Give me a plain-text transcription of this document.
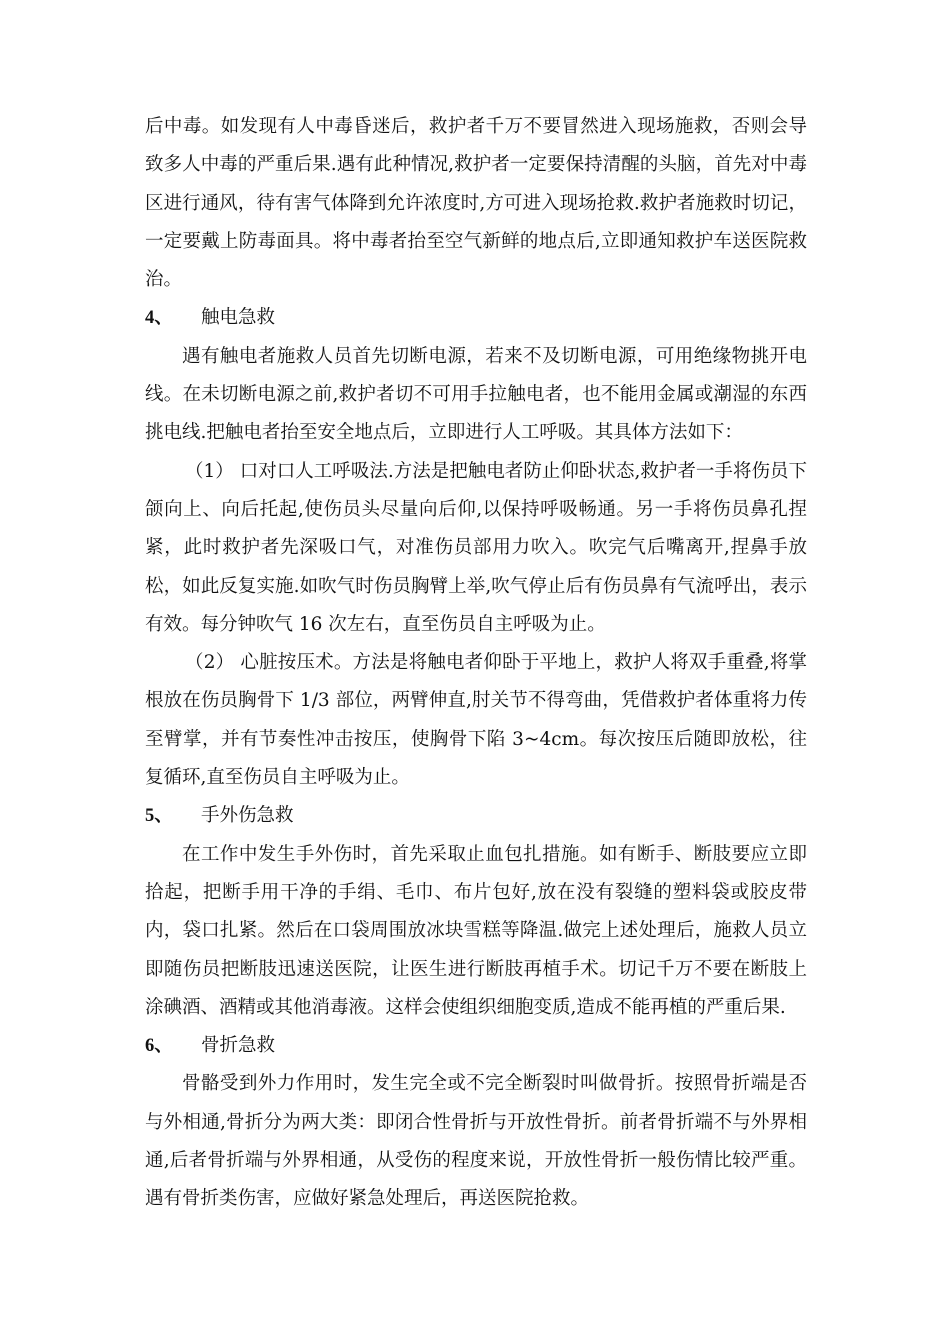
后中毒。如发现有人中毒昏迷后，救护者千万不要冒然进入现场施救，否则会导致多人中毒的严重后果.遇有此种情况,救护者一定要保持清醒的头脑，首先对中毒区进行通风，待有害气体降到允许浓度时,方可进入现场抢救.救护者施救时切记，一定要戴上防毒面具。将中毒者抬至空气新鲜的地点后,立即通知救护车送医院救治。

4、	触电急救

遇有触电者施救人员首先切断电源，若来不及切断电源，可用绝缘物挑开电线。在未切断电源之前,救护者切不可用手拉触电者，也不能用金属或潮湿的东西挑电线.把触电者抬至安全地点后，立即进行人工呼吸。其具体方法如下：

（1） 口对口人工呼吸法.方法是把触电者防止仰卧状态,救护者一手将伤员下颌向上、向后托起,使伤员头尽量向后仰,以保持呼吸畅通。另一手将伤员鼻孔捏紧，此时救护者先深吸口气，对准伤员部用力吹入。吹完气后嘴离开,捏鼻手放松，如此反复实施.如吹气时伤员胸臂上举,吹气停止后有伤员鼻有气流呼出，表示有效。每分钟吹气 16 次左右，直至伤员自主呼吸为止。

（2） 心脏按压术。方法是将触电者仰卧于平地上，救护人将双手重叠,将掌根放在伤员胸骨下 1/3 部位，两臂伸直,肘关节不得弯曲，凭借救护者体重将力传至臂掌，并有节奏性冲击按压，使胸骨下陷 3~4cm。每次按压后随即放松，往复循环,直至伤员自主呼吸为止。

5、	手外伤急救

在工作中发生手外伤时，首先采取止血包扎措施。如有断手、断肢要应立即拾起，把断手用干净的手绢、毛巾、布片包好,放在没有裂缝的塑料袋或胶皮带内，袋口扎紧。然后在口袋周围放冰块雪糕等降温.做完上述处理后，施救人员立即随伤员把断肢迅速送医院，让医生进行断肢再植手术。切记千万不要在断肢上涂碘酒、酒精或其他消毒液。这样会使组织细胞变质,造成不能再植的严重后果.

6、	骨折急救

骨骼受到外力作用时，发生完全或不完全断裂时叫做骨折。按照骨折端是否与外相通,骨折分为两大类：即闭合性骨折与开放性骨折。前者骨折端不与外界相通,后者骨折端与外界相通，从受伤的程度来说，开放性骨折一般伤情比较严重。遇有骨折类伤害，应做好紧急处理后，再送医院抢救。
